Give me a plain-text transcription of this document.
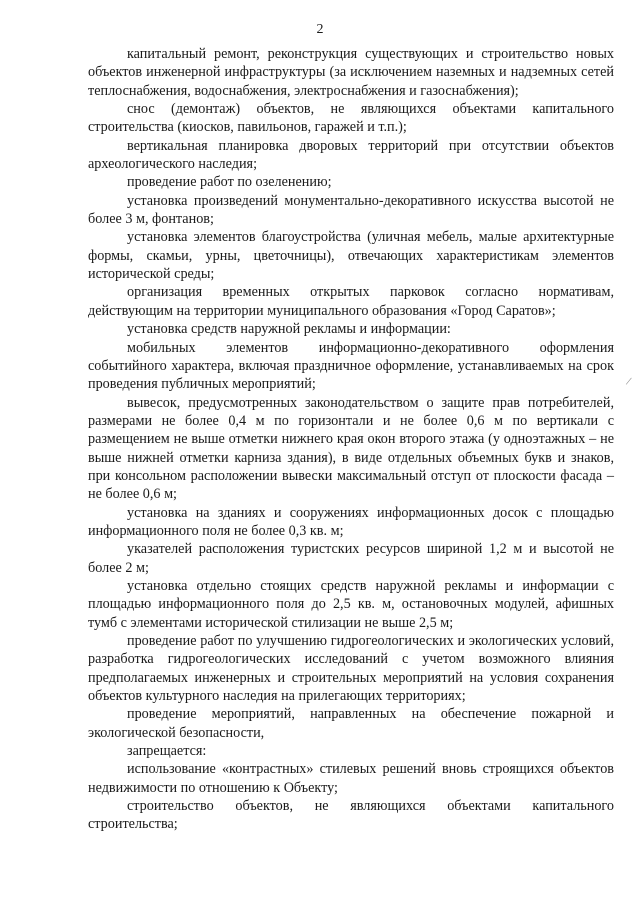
2

капитальный ремонт, реконструкция существующих и строительство новых объектов инженерной инфраструктуры (за исключением наземных и надземных сетей теплоснабжения, водоснабжения, электроснабжения и газоснабжения);

снос (демонтаж) объектов, не являющихся объектами капитального строительства (киосков, павильонов, гаражей и т.п.);

вертикальная планировка дворовых территорий при отсутствии объектов археологического наследия;

проведение работ по озеленению;

установка произведений монументально-декоративного искусства высотой не более 3 м, фонтанов;

установка элементов благоустройства (уличная мебель, малые архитектурные формы, скамьи, урны, цветочницы), отвечающих характеристикам элементов исторической среды;

организация временных открытых парковок согласно нормативам, действующим на территории муниципального образования «Город Саратов»;

установка средств наружной рекламы и информации:

мобильных элементов информационно-декоративного оформления событийного характера, включая праздничное оформление, устанавливаемых на срок проведения публичных мероприятий;

вывесок, предусмотренных законодательством о защите прав потребителей, размерами не более 0,4 м по горизонтали и не более 0,6 м по вертикали с размещением не выше отметки нижнего края окон второго этажа (у одноэтажных – не выше нижней отметки карниза здания), в виде отдельных объемных букв и знаков, при консольном расположении вывески максимальный отступ от плоскости фасада – не более 0,6 м;

установка на зданиях и сооружениях информационных досок с площадью информационного поля не более 0,3 кв. м;

указателей расположения туристских ресурсов шириной 1,2 м и высотой не более 2 м;

установка отдельно стоящих средств наружной рекламы и информации с площадью информационного поля до 2,5 кв. м, остановочных модулей, афишных тумб с элементами исторической стилизации не выше 2,5 м;

проведение работ по улучшению гидрогеологических и экологических условий, разработка гидрогеологических исследований с учетом возможного влияния предполагаемых инженерных и строительных мероприятий на условия сохранения объектов культурного наследия на прилегающих территориях;

проведение мероприятий, направленных на обеспечение пожарной и экологической безопасности,

запрещается:

использование «контрастных» стилевых решений вновь строящихся объектов недвижимости по отношению к Объекту;

строительство объектов, не являющихся объектами капитального строительства;

/
